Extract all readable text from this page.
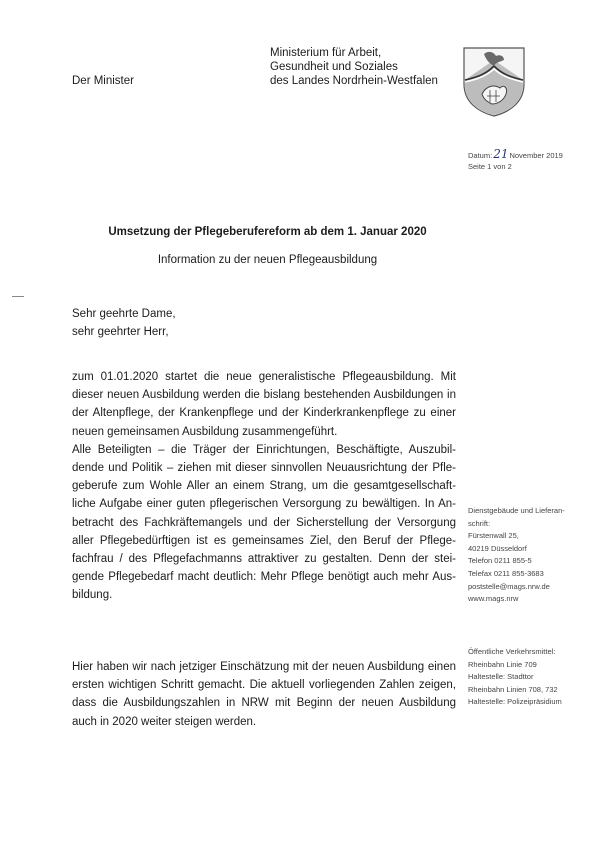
Der Minister
Ministerium für Arbeit,
Gesundheit und Soziales
des Landes Nordrhein-Westfalen
Datum:21November 2019
Seite 1 von 2
Umsetzung der Pflegeberufereform ab dem 1. Januar 2020
Information zu der neuen Pflegeausbildung
Sehr geehrte Dame,
sehr geehrter Herr,
zum 01.01.2020 startet die neue generalistische Pflegeausbildung. Mit dieser neuen Ausbildung werden die bislang bestehenden Ausbildungen in der Altenpflege, der Krankenpflege und der Kinderkrankenpflege zu einer neuen gemeinsamen Ausbildung zusammengeführt.
Alle Beteiligten – die Träger der Einrichtungen, Beschäftigte, Auszubildende und Politik – ziehen mit dieser sinnvollen Neuausrichtung der Pflegeberufe zum Wohle Aller an einem Strang, um die gesamtgesellschaftliche Aufgabe einer guten pflegerischen Versorgung zu bewältigen. In Anbetracht des Fachkräftemangels und der Sicherstellung der Versorgung aller Pflegebedürftigen ist es gemeinsames Ziel, den Beruf der Pflegefachfrau / des Pflegefachmanns attraktiver zu gestalten. Denn der steigende Pflegebedarf macht deutlich: Mehr Pflege benötigt auch mehr Ausbildung.
Hier haben wir nach jetziger Einschätzung mit der neuen Ausbildung einen ersten wichtigen Schritt gemacht. Die aktuell vorliegenden Zahlen zeigen, dass die Ausbildungszahlen in NRW mit Beginn der neuen Ausbildung auch in 2020 weiter steigen werden.
Dienstgebäude und Lieferan-
schrift:
Fürstenwall 25,
40219 Düsseldorf
Telefon 0211 855-5
Telefax 0211 855-3683
poststelle@mags.nrw.de
www.mags.nrw
Öffentliche Verkehrsmittel:
Rheinbahn Linie 709
Haltestelle: Stadttor
Rheinbahn Linien 708, 732
Haltestelle: Polizeipräsidium
